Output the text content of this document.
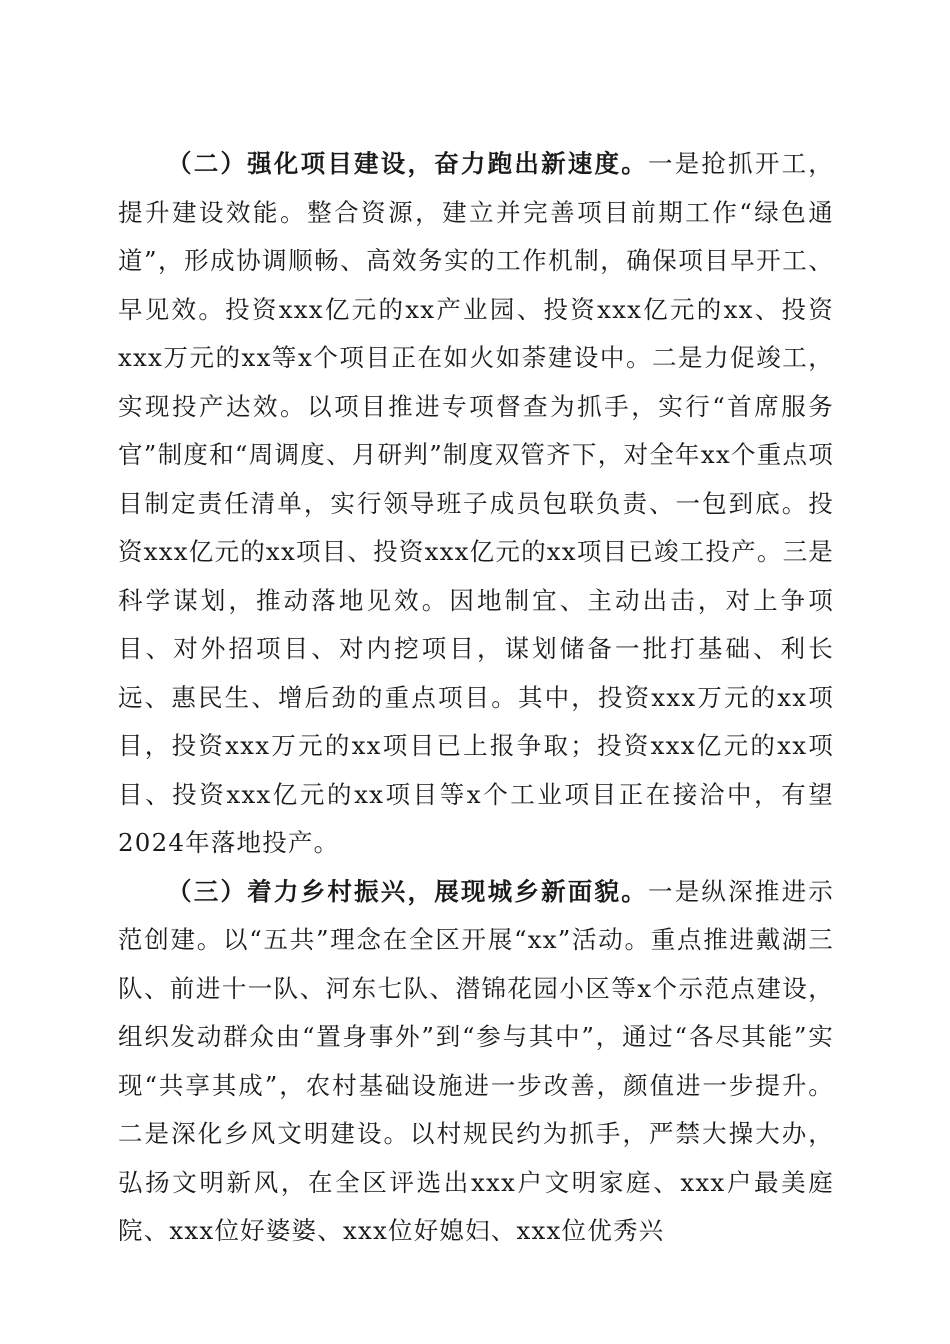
（二）强化项目建设，奋力跑出新速度。一是抢抓开工，提升建设效能。整合资源，建立并完善项目前期工作“绿色通道”，形成协调顺畅、高效务实的工作机制，确保项目早开工、早见效。投资xxx亿元的xx产业园、投资xxx亿元的xx、投资xxx万元的xx等x个项目正在如火如荼建设中。二是力促竣工，实现投产达效。以项目推进专项督查为抓手，实行“首席服务官”制度和“周调度、月研判”制度双管齐下，对全年xx个重点项目制定责任清单，实行领导班子成员包联负责、一包到底。投资xxx亿元的xx项目、投资xxx亿元的xx项目已竣工投产。三是科学谋划，推动落地见效。因地制宜、主动出击，对上争项目、对外招项目、对内挖项目，谋划储备一批打基础、利长远、惠民生、增后劲的重点项目。其中，投资xxx万元的xx项目，投资xxx万元的xx项目已上报争取；投资xxx亿元的xx项目、投资xxx亿元的xx项目等x个工业项目正在接洽中，有望2024年落地投产。

（三）着力乡村振兴，展现城乡新面貌。一是纵深推进示范创建。以“五共”理念在全区开展“xx”活动。重点推进戴湖三队、前进十一队、河东七队、潜锦花园小区等x个示范点建设，组织发动群众由“置身事外”到“参与其中”，通过“各尽其能”实现“共享其成”，农村基础设施进一步改善，颜值进一步提升。二是深化乡风文明建设。以村规民约为抓手，严禁大操大办，弘扬文明新风，在全区评选出xxx户文明家庭、xxx户最美庭院、xxx位好婆婆、xxx位好媳妇、xxx位优秀兴
